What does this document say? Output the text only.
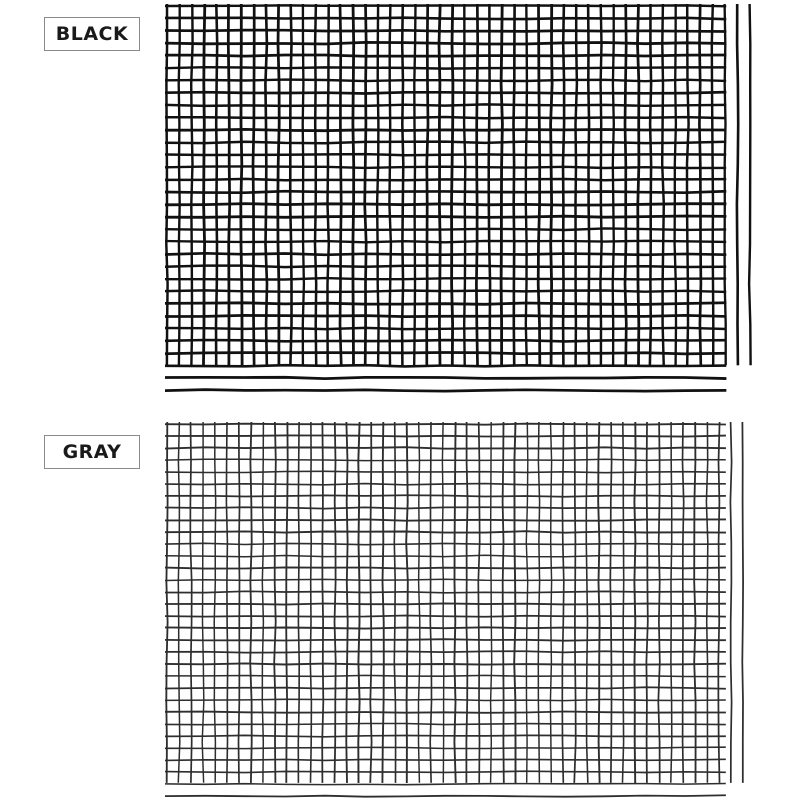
BLACK
GRAY
